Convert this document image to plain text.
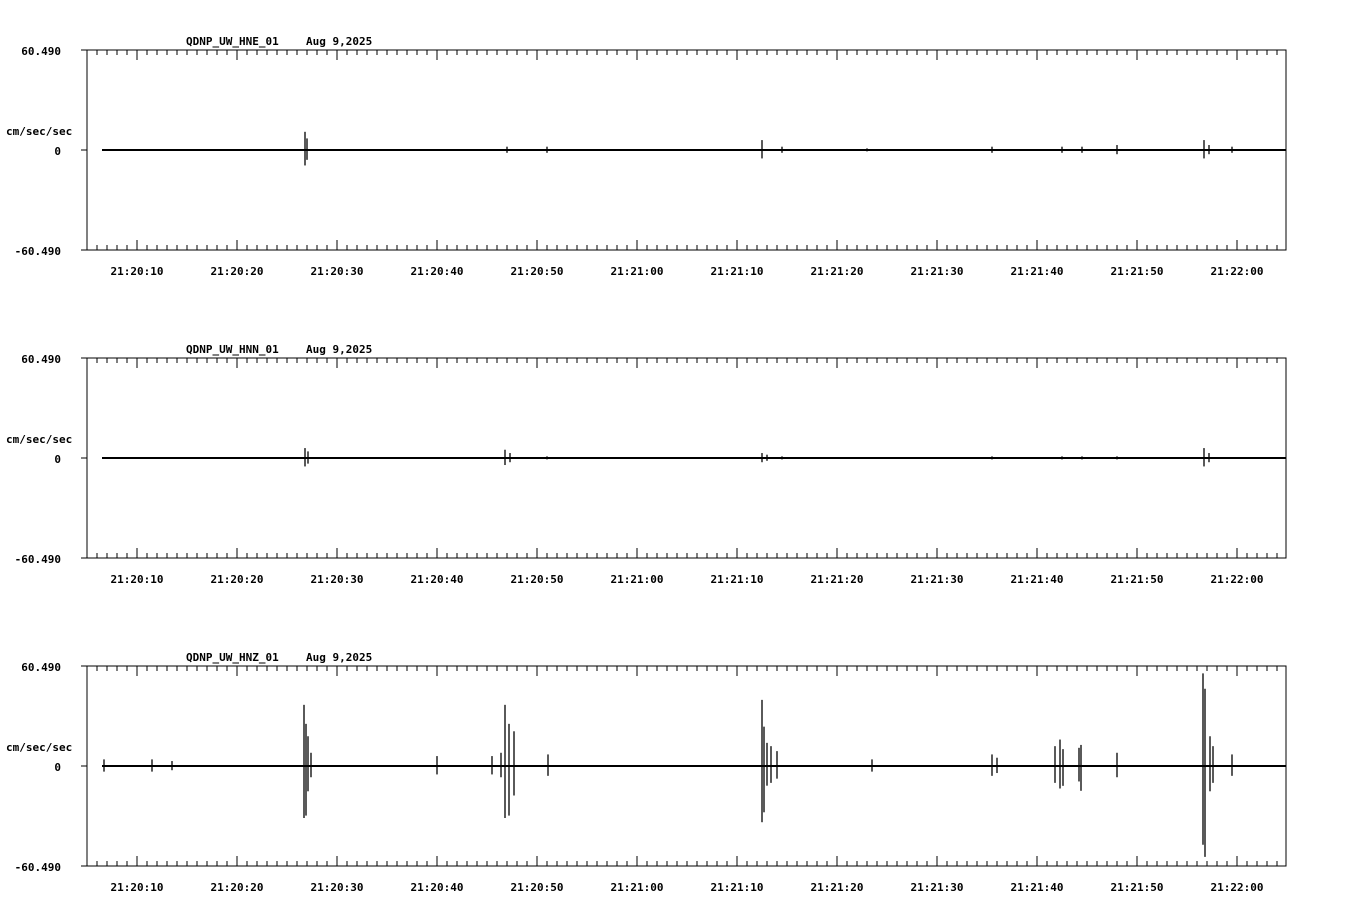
QDNP_UW_HNE_01 Aug 9,2025
cm/sec/sec
60.490
0
-60.490
21:20:10	21:20:20	21:20:30	21:20:40	21:20:50	21:21:00	21:21:10	21:21:20	21:21:30	21:21:40	21:21:50	21:22:00
QDNP_UW_HNN_01 Aug 9,2025
cm/sec/sec
60.490
0
-60.490
21:20:10	21:20:20	21:20:30	21:20:40	21:20:50	21:21:00	21:21:10	21:21:20	21:21:30	21:21:40	21:21:50	21:22:00
QDNP_UW_HNZ_01 Aug 9,2025
cm/sec/sec
60.490
0
-60.490
21:20:10	21:20:20	21:20:30	21:20:40	21:20:50	21:21:00	21:21:10	21:21:20	21:21:30	21:21:40	21:21:50	21:22:00
